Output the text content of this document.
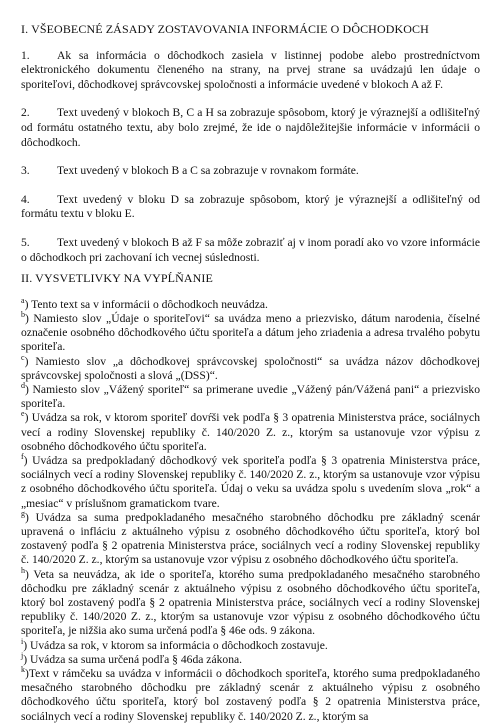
I. VŠEOBECNÉ ZÁSADY ZOSTAVOVANIA INFORMÁCIE O DÔCHODKOCH

1. Ak sa informácia o dôchodkoch zasiela v listinnej podobe alebo prostredníctvom elektronického dokumentu členeného na strany, na prvej strane sa uvádzajú len údaje o sporiteľovi, dôchodkovej správcovskej spoločnosti a informácie uvedené v blokoch A až F.

2. Text uvedený v blokoch B, C a H sa zobrazuje spôsobom, ktorý je výraznejší a odlišiteľný od formátu ostatného textu, aby bolo zrejmé, že ide o najdôležitejšie informácie v informácii o dôchodkoch.

3. Text uvedený v blokoch B a C sa zobrazuje v rovnakom formáte.

4. Text uvedený v bloku D sa zobrazuje spôsobom, ktorý je výraznejší a odlišiteľný od formátu textu v bloku E.

5. Text uvedený v blokoch B až F sa môže zobraziť aj v inom poradí ako vo vzore informácie o dôchodkoch pri zachovaní ich vecnej súslednosti.

II. VYSVETLIVKY NA VYPĹŇANIE

$^a$) Tento text sa v informácii o dôchodkoch neuvádza.

$^b$) Namiesto slov „Údaje o sporiteľovi“ sa uvádza meno a priezvisko, dátum narodenia, číselné označenie osobného dôchodkového účtu sporiteľa a dátum jeho zriadenia a adresa trvalého pobytu sporiteľa.

$^c$) Namiesto slov „a dôchodkovej správcovskej spoločnosti“ sa uvádza názov dôchodkovej správcovskej spoločnosti a slová „(DSS)“.

$^d$) Namiesto slov „Vážený sporiteľ“ sa primerane uvedie „Vážený pán/Vážená pani“ a priezvisko sporiteľa.

$^e$) Uvádza sa rok, v ktorom sporiteľ dovŕši vek podľa § 3 opatrenia Ministerstva práce, sociálnych vecí a rodiny Slovenskej republiky č. 140/2020 Z. z., ktorým sa ustanovuje vzor výpisu z osobného dôchodkového účtu sporiteľa.

$^f$) Uvádza sa predpokladaný dôchodkový vek sporiteľa podľa § 3 opatrenia Ministerstva práce, sociálnych vecí a rodiny Slovenskej republiky č. 140/2020 Z. z., ktorým sa ustanovuje vzor výpisu z osobného dôchodkového účtu sporiteľa. Údaj o veku sa uvádza spolu s uvedením slova „rok“ a „mesiac“ v príslušnom gramatickom tvare.

$^g$) Uvádza sa suma predpokladaného mesačného starobného dôchodku pre základný scenár upravená o infláciu z aktuálneho výpisu z osobného dôchodkového účtu sporiteľa, ktorý bol zostavený podľa § 2 opatrenia Ministerstva práce, sociálnych vecí a rodiny Slovenskej republiky č. 140/2020 Z. z., ktorým sa ustanovuje vzor výpisu z osobného dôchodkového účtu sporiteľa.

$^h$) Veta sa neuvádza, ak ide o sporiteľa, ktorého suma predpokladaného mesačného starobného dôchodku pre základný scenár z aktuálneho výpisu z osobného dôchodkového účtu sporiteľa, ktorý bol zostavený podľa § 2 opatrenia Ministerstva práce, sociálnych vecí a rodiny Slovenskej republiky č. 140/2020 Z. z., ktorým sa ustanovuje vzor výpisu z osobného dôchodkového účtu sporiteľa, je nižšia ako suma určená podľa § 46e ods. 9 zákona.

$^i$) Uvádza sa rok, v ktorom sa informácia o dôchodkoch zostavuje.

$^j$) Uvádza sa suma určená podľa § 46da zákona.

$^k$)Text v rámčeku sa uvádza v informácii o dôchodkoch sporiteľa, ktorého suma predpokladaného mesačného starobného dôchodku pre základný scenár z aktuálneho výpisu z osobného dôchodkového účtu sporiteľa, ktorý bol zostavený podľa § 2 opatrenia Ministerstva práce, sociálnych vecí a rodiny Slovenskej republiky č. 140/2020 Z. z., ktorým sa
